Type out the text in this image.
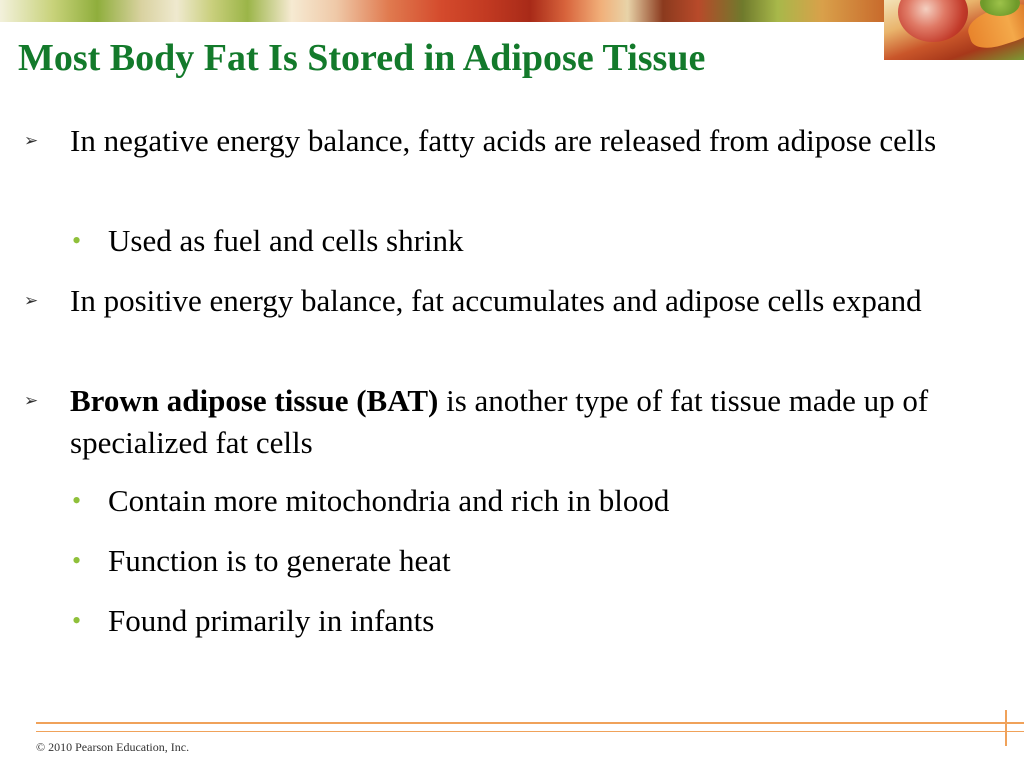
Most Body Fat Is Stored in Adipose Tissue
➢ In negative energy balance, fatty acids are released from adipose cells
• Used as fuel and cells shrink
➢ In positive energy balance, fat accumulates and adipose cells expand
➢ Brown adipose tissue (BAT) is another type of fat tissue made up of specialized fat cells
• Contain more mitochondria and rich in blood
• Function is to generate heat
• Found primarily in infants
© 2010 Pearson Education, Inc.
